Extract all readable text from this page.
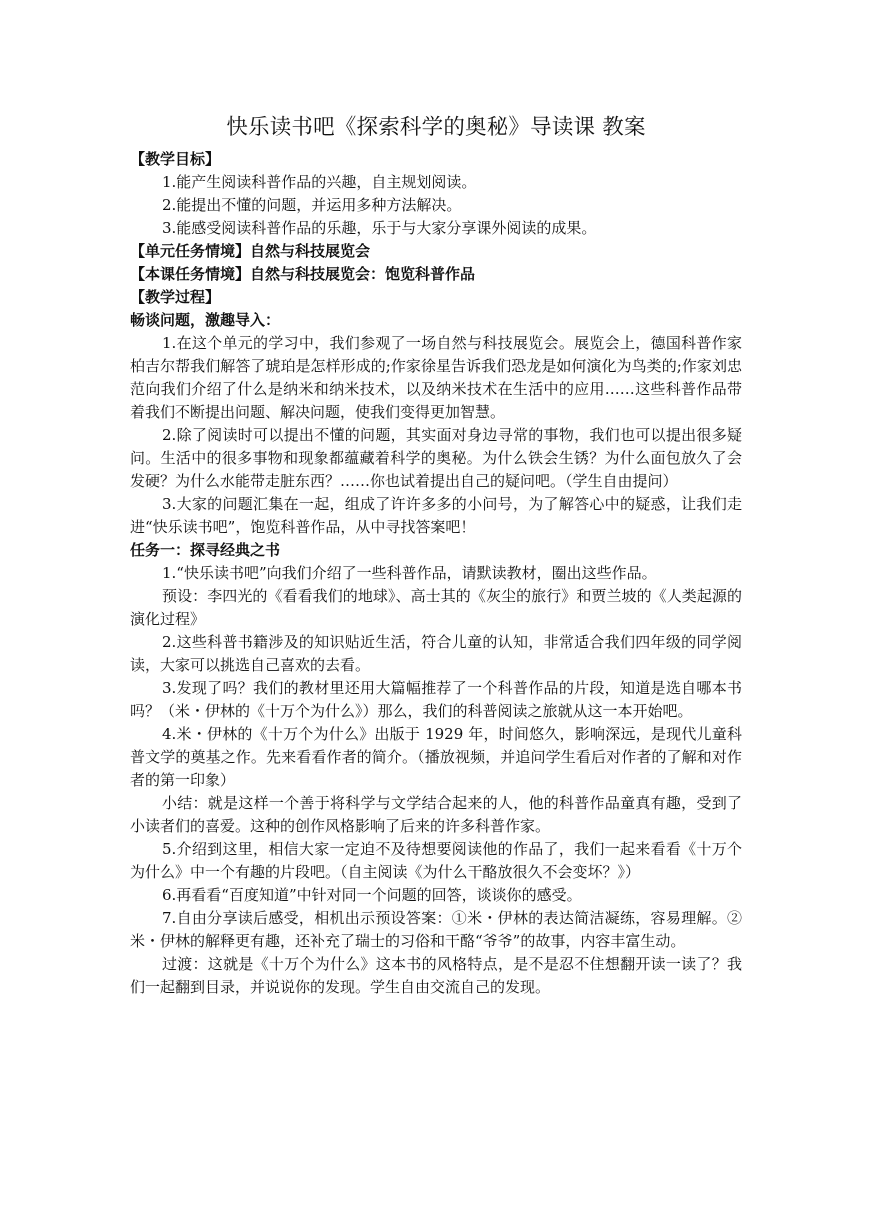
快乐读书吧《探索科学的奥秘》导读课 教案

【教学目标】

1.能产生阅读科普作品的兴趣，自主规划阅读。

2.能提出不懂的问题，并运用多种方法解决。

3.能感受阅读科普作品的乐趣，乐于与大家分享课外阅读的成果。

【单元任务情境】自然与科技展览会

【本课任务情境】自然与科技展览会：饱览科普作品

【教学过程】

畅谈问题，激趣导入：

1.在这个单元的学习中，我们参观了一场自然与科技展览会。展览会上，德国科普作家柏吉尔帮我们解答了琥珀是怎样形成的;作家徐星告诉我们恐龙是如何演化为鸟类的;作家刘忠范向我们介绍了什么是纳米和纳米技术，以及纳米技术在生活中的应用……这些科普作品带着我们不断提出问题、解决问题，使我们变得更加智慧。

2.除了阅读时可以提出不懂的问题，其实面对身边寻常的事物，我们也可以提出很多疑问。生活中的很多事物和现象都蕴藏着科学的奥秘。为什么铁会生锈？为什么面包放久了会发硬？为什么水能带走脏东西？……你也试着提出自己的疑问吧。（学生自由提问）

3.大家的问题汇集在一起，组成了许许多多的小问号，为了解答心中的疑惑，让我们走进“快乐读书吧”，饱览科普作品，从中寻找答案吧！

任务一：探寻经典之书

1.“快乐读书吧”向我们介绍了一些科普作品，请默读教材，圈出这些作品。

预设：李四光的《看看我们的地球》、高士其的《灰尘的旅行》和贾兰坡的《人类起源的演化过程》

2.这些科普书籍涉及的知识贴近生活，符合儿童的认知，非常适合我们四年级的同学阅读，大家可以挑选自己喜欢的去看。

3.发现了吗？我们的教材里还用大篇幅推荐了一个科普作品的片段，知道是选自哪本书吗？（米・伊林的《十万个为什么》）那么，我们的科普阅读之旅就从这一本开始吧。

4.米・伊林的《十万个为什么》出版于 1929 年，时间悠久，影响深远，是现代儿童科普文学的奠基之作。先来看看作者的简介。（播放视频，并追问学生看后对作者的了解和对作者的第一印象）

小结：就是这样一个善于将科学与文学结合起来的人，他的科普作品童真有趣，受到了小读者们的喜爱。这种的创作风格影响了后来的许多科普作家。

5.介绍到这里，相信大家一定迫不及待想要阅读他的作品了，我们一起来看看《十万个为什么》中一个有趣的片段吧。（自主阅读《为什么干酪放很久不会变坏？》）

6.再看看“百度知道”中针对同一个问题的回答，谈谈你的感受。

7.自由分享读后感受，相机出示预设答案：①米・伊林的表达简洁凝练，容易理解。②米・伊林的解释更有趣，还补充了瑞士的习俗和干酪“爷爷”的故事，内容丰富生动。

过渡：这就是《十万个为什么》这本书的风格特点，是不是忍不住想翻开读一读了？我们一起翻到目录，并说说你的发现。学生自由交流自己的发现。
